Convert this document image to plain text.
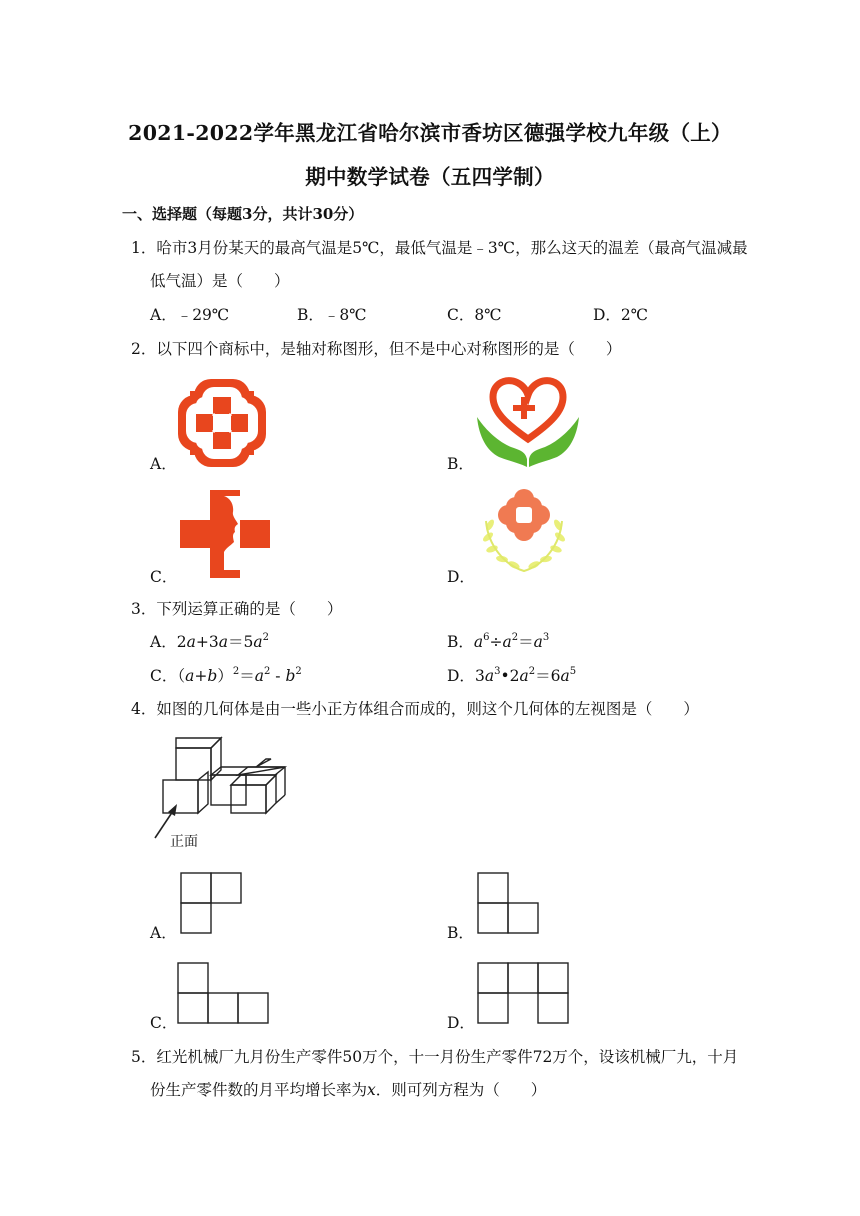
2021-2022学年黑龙江省哈尔滨市香坊区德强学校九年级（上）
期中数学试卷（五四学制）
一、选择题（每题3分，共计30分）
1．哈市3月份某天的最高气温是5℃，最低气温是﹣3℃，那么这天的温差（最高气温减最
低气温）是（　　）
A．﹣29℃	B．﹣8℃	C．8℃	D．2℃
2．以下四个商标中，是轴对称图形，但不是中心对称图形的是（　　）
A．	B．
C．	D．
3．下列运算正确的是（　　）
A．$2a+3a=5a^2$	B．$a^6\div a^2=a^3$
C．$(a+b)^2=a^2 - b^2$	D．$3a^3•2a^2=6a^5$
4．如图的几何体是由一些小正方体组合而成的，则这个几何体的左视图是（　　）
正面
A．	B．
C．	D．
5．红光机械厂九月份生产零件50万个，十一月份生产零件72万个，设该机械厂九，十月
份生产零件数的月平均增长率为x．则可列方程为（　　）
